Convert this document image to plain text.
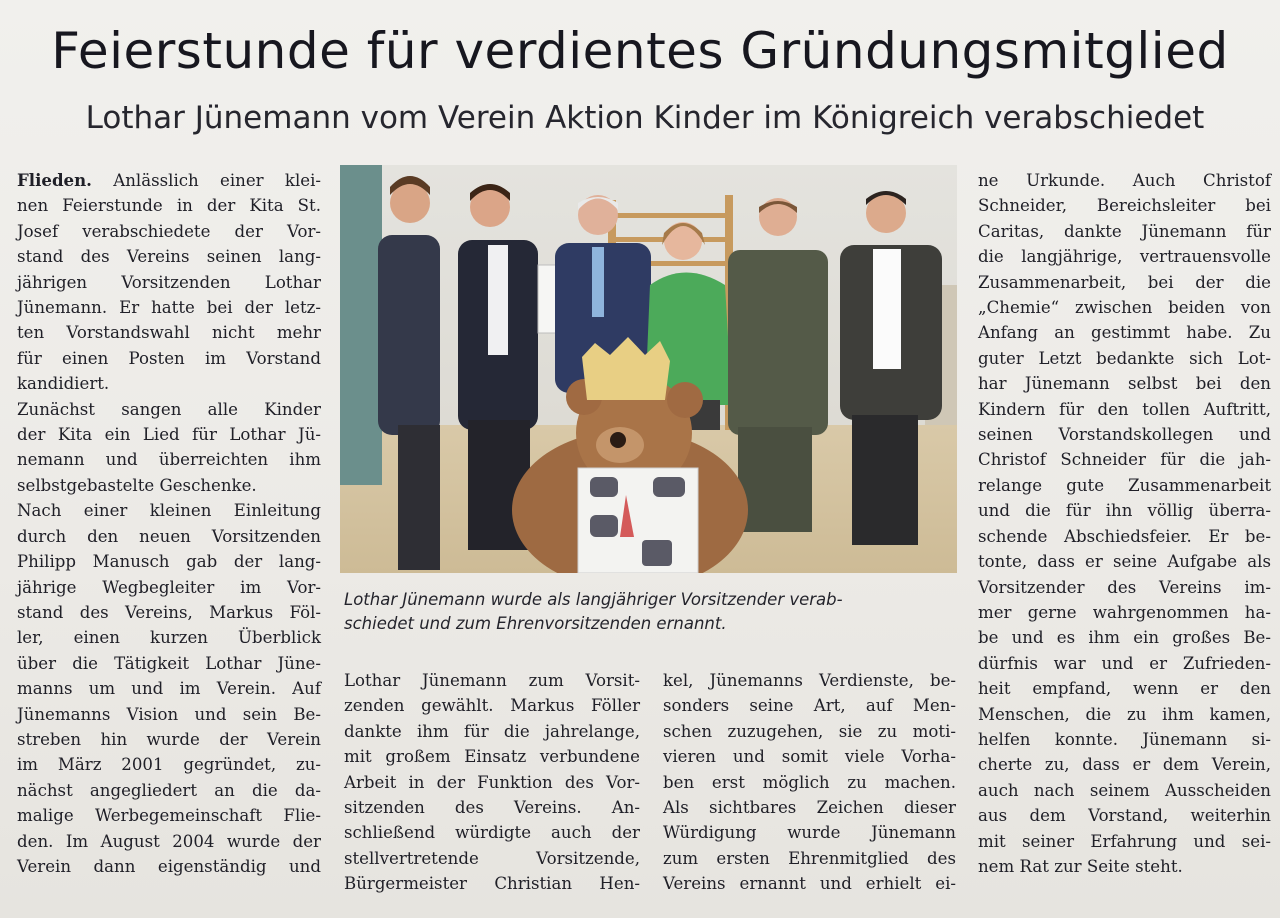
Feierstunde für verdientes Gründungsmitglied
Lothar Jünemann vom Verein Aktion Kinder im Königreich verabschiedet
Flieden. Anlässlich einer klei-
nen Feierstunde in der Kita St.
Josef verabschiedete der Vor-
stand des Vereins seinen lang-
jährigen Vorsitzenden Lothar
Jünemann. Er hatte bei der letz-
ten Vorstandswahl nicht mehr
für einen Posten im Vorstand
kandidiert.
Zunächst sangen alle Kinder
der Kita ein Lied für Lothar Jü-
nemann und überreichten ihm
selbstgebastelte Geschenke.
Nach einer kleinen Einleitung
durch den neuen Vorsitzenden
Philipp Manusch gab der lang-
jährige Wegbegleiter im Vor-
stand des Vereins, Markus Föl-
ler, einen kurzen Überblick
über die Tätigkeit Lothar Jüne-
manns um und im Verein. Auf
Jünemanns Vision und sein Be-
streben hin wurde der Verein
im März 2001 gegründet, zu-
nächst angegliedert an die da-
malige Werbegemeinschaft Flie-
den. Im August 2004 wurde der
Verein dann eigenständig und
Lothar Jünemann wurde als langjähriger Vorsitzender verab-
schiedet und zum Ehrenvorsitzenden ernannt.
Lothar Jünemann zum Vorsit-
zenden gewählt. Markus Föller
dankte ihm für die jahrelange,
mit großem Einsatz verbundene
Arbeit in der Funktion des Vor-
sitzenden des Vereins. An-
schließend würdigte auch der
stellvertretende Vorsitzende,
Bürgermeister Christian Hen-
kel, Jünemanns Verdienste, be-
sonders seine Art, auf Men-
schen zuzugehen, sie zu moti-
vieren und somit viele Vorha-
ben erst möglich zu machen.
Als sichtbares Zeichen dieser
Würdigung wurde Jünemann
zum ersten Ehrenmitglied des
Vereins ernannt und erhielt ei-
ne Urkunde. Auch Christof
Schneider, Bereichsleiter bei
Caritas, dankte Jünemann für
die langjährige, vertrauensvolle
Zusammenarbeit, bei der die
„Chemie“ zwischen beiden von
Anfang an gestimmt habe. Zu
guter Letzt bedankte sich Lot-
har Jünemann selbst bei den
Kindern für den tollen Auftritt,
seinen Vorstandskollegen und
Christof Schneider für die jah-
relange gute Zusammenarbeit
und die für ihn völlig überra-
schende Abschiedsfeier. Er be-
tonte, dass er seine Aufgabe als
Vorsitzender des Vereins im-
mer gerne wahrgenommen ha-
be und es ihm ein großes Be-
dürfnis war und er Zufrieden-
heit empfand, wenn er den
Menschen, die zu ihm kamen,
helfen konnte. Jünemann si-
cherte zu, dass er dem Verein,
auch nach seinem Ausscheiden
aus dem Vorstand, weiterhin
mit seiner Erfahrung und sei-
nem Rat zur Seite steht.
